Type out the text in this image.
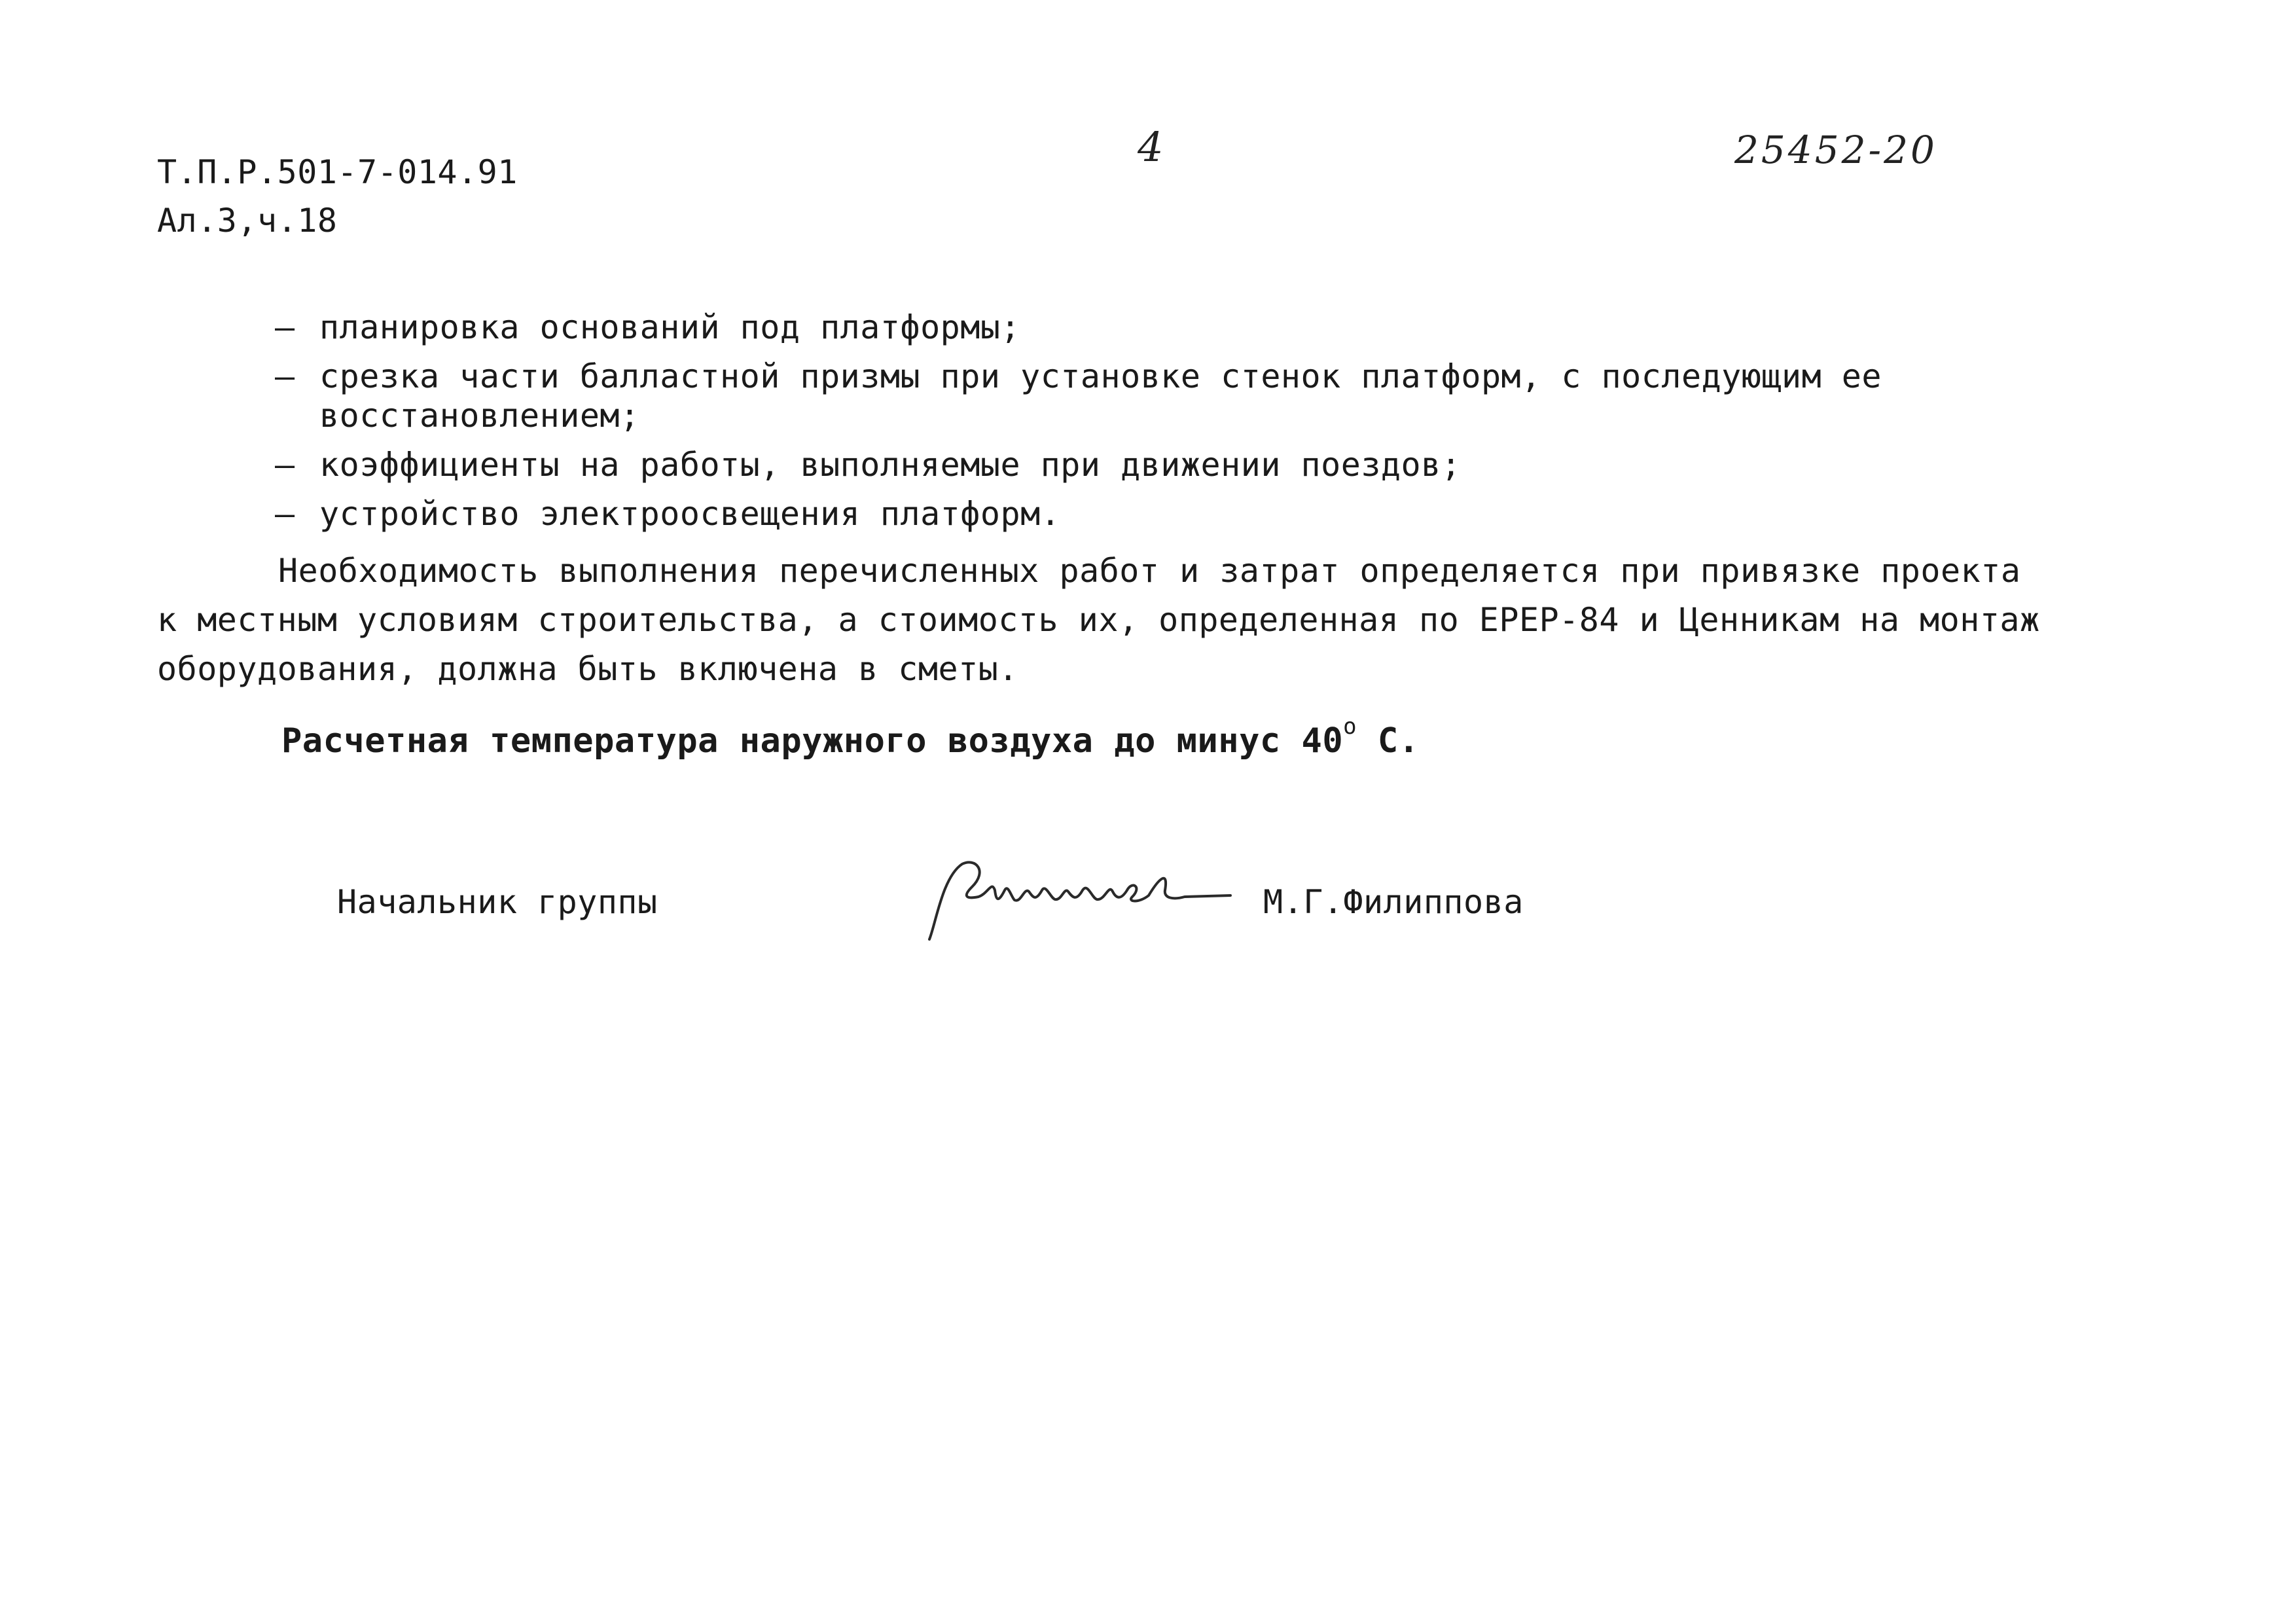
Т.П.Р.501-7-014.91
Ал.3,ч.18
4	25452-20
– планировка оснований под платформы;
– срезка части балластной призмы при установке стенок платформ, с последующим ее восстановлением;
– коэффициенты на работы, выполняемые при движении поездов;
– устройство электроосвещения платформ.
Необходимость выполнения перечисленных работ и затрат определяется при привязке проекта
к местным условиям строительства, а стоимость их, определенная по ЕРЕР-84 и Ценникам на монтаж
оборудования, должна быть включена в сметы.
Расчетная температура наружного воздуха до минус $40^о$ С.
Начальник группы	М.Г.Филиппова
